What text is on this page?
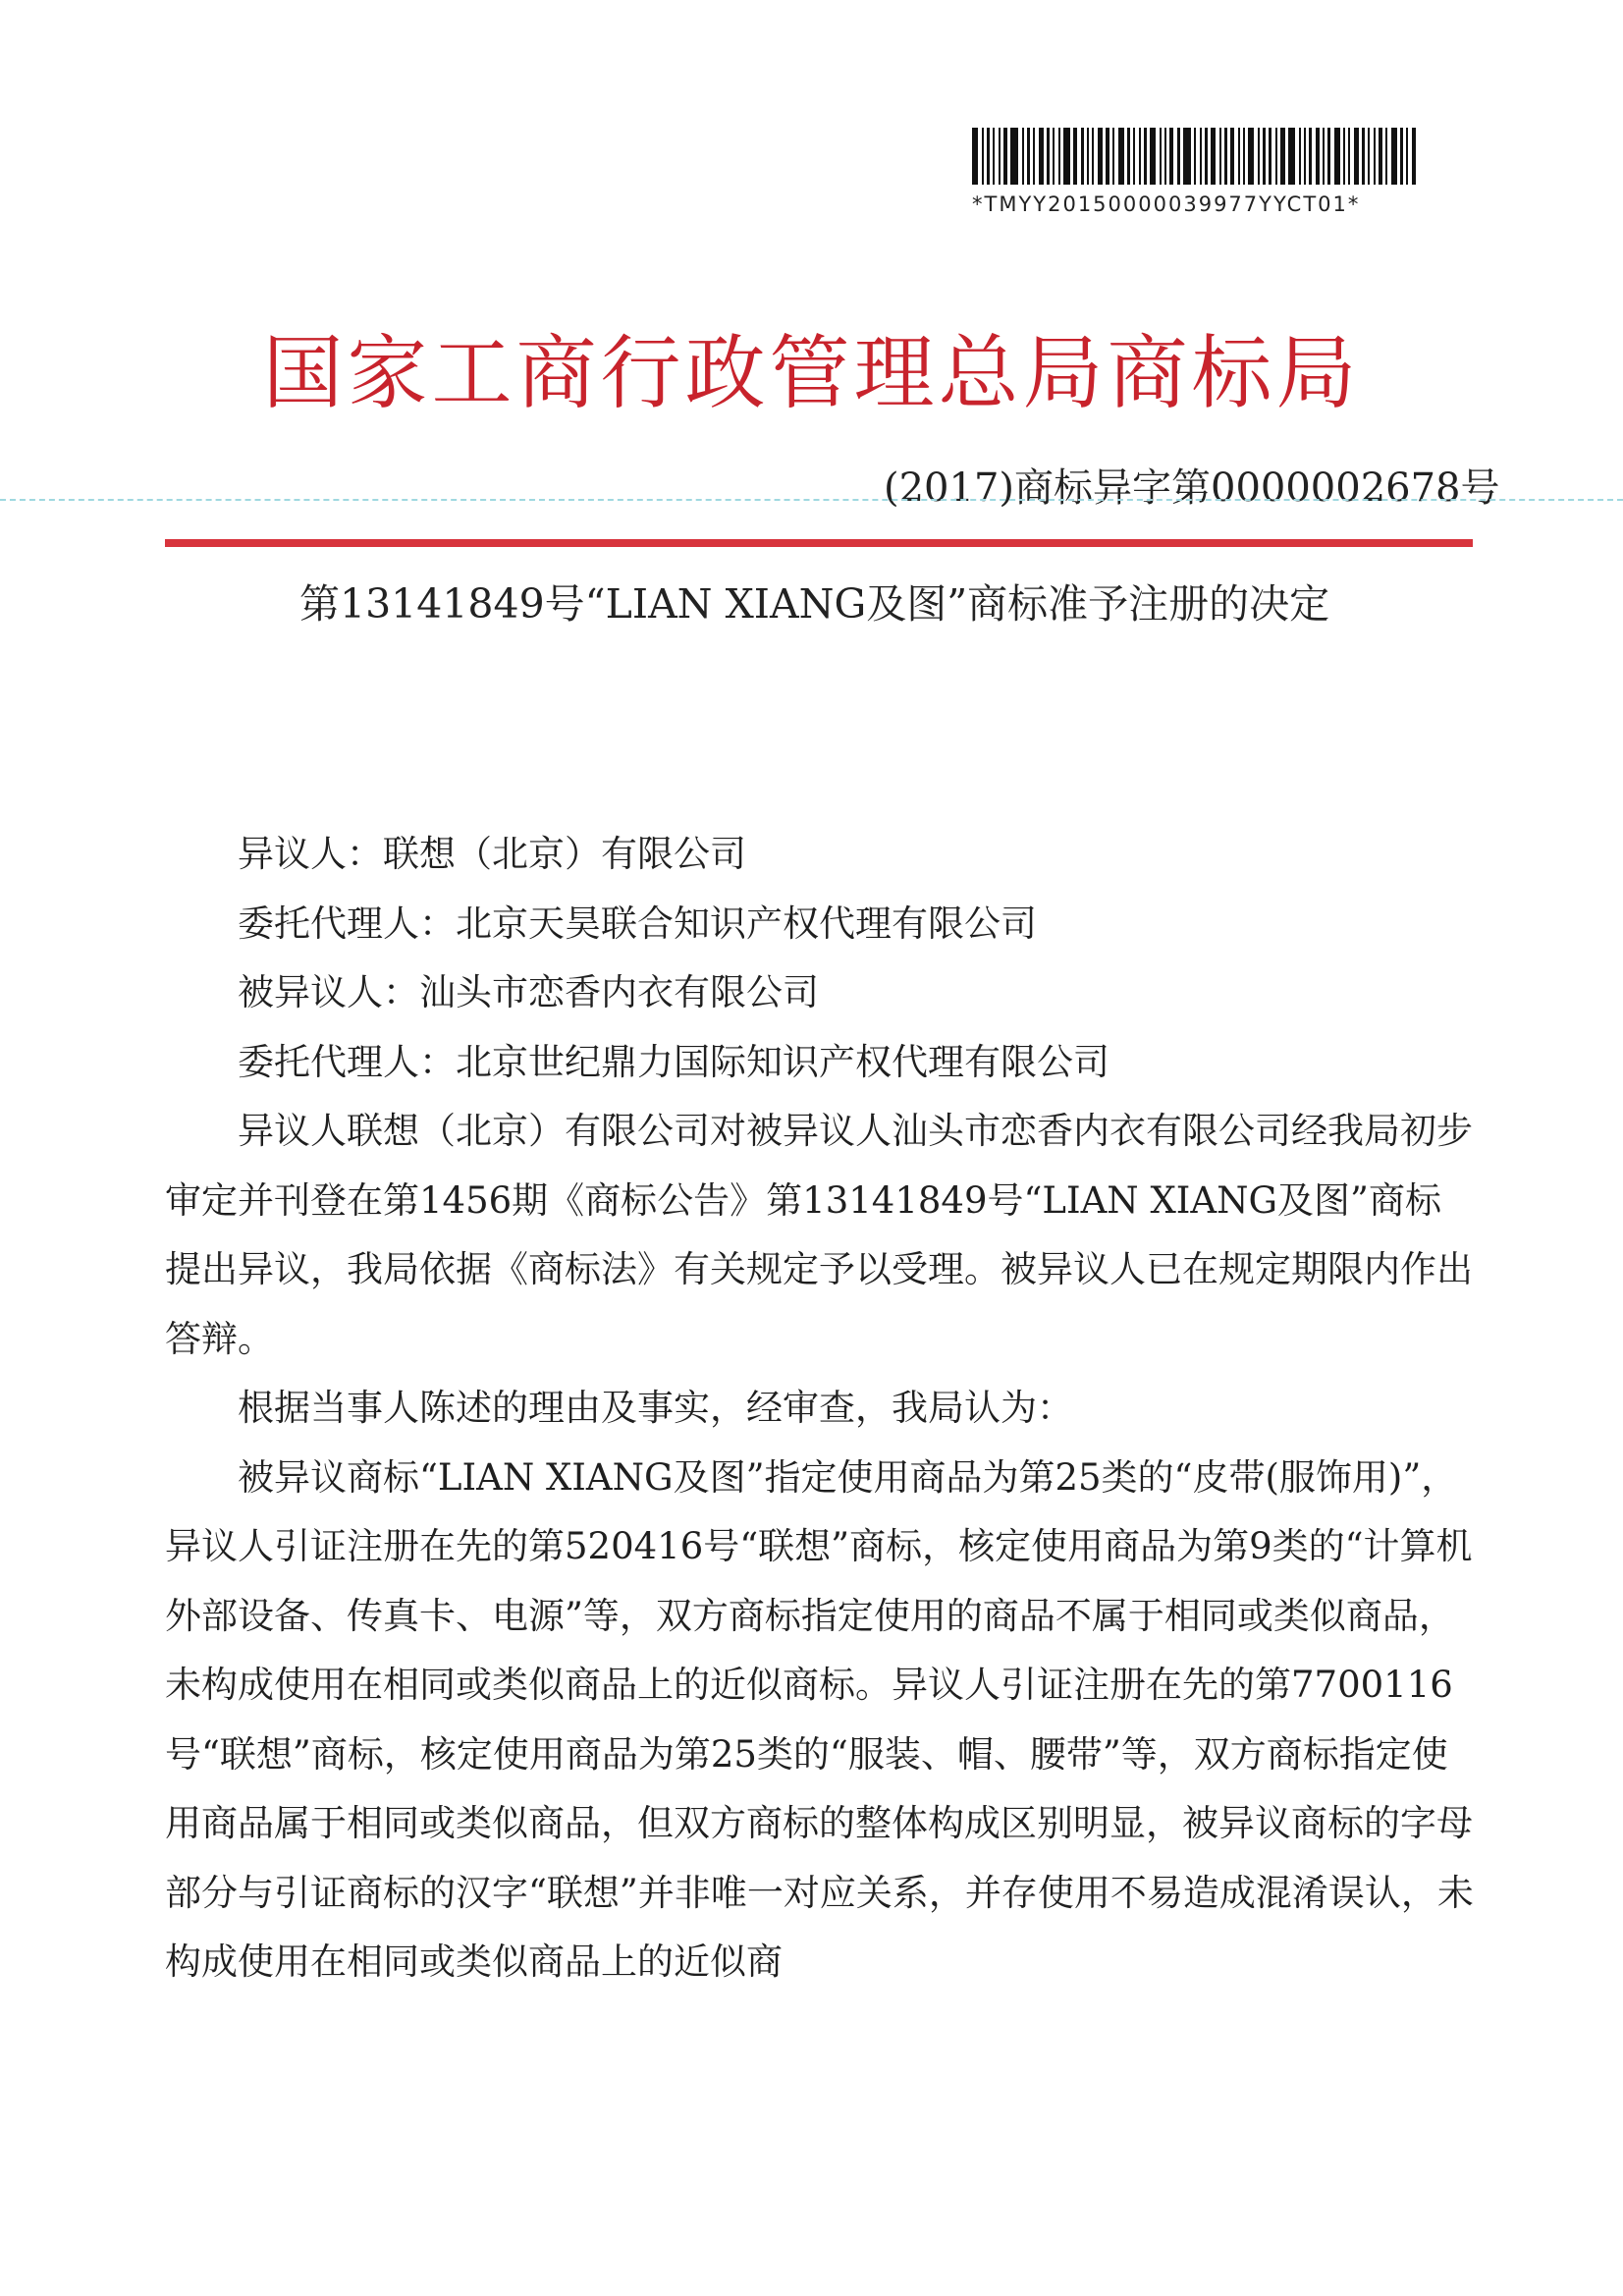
*TMYY20150000039977YYCT01*
国家工商行政管理总局商标局
(2017)商标异字第0000002678号
第13141849号“LIAN XIANG及图”商标准予注册的决定

异议人：联想（北京）有限公司

委托代理人：北京天昊联合知识产权代理有限公司

被异议人：汕头市恋香内衣有限公司

委托代理人：北京世纪鼎力国际知识产权代理有限公司

异议人联想（北京）有限公司对被异议人汕头市恋香内衣有限公司经我局初步审定并刊登在第1456期《商标公告》第13141849号“LIAN XIANG及图”商标提出异议，我局依据《商标法》有关规定予以受理。被异议人已在规定期限内作出答辩。

根据当事人陈述的理由及事实，经审查，我局认为：

被异议商标“LIAN XIANG及图”指定使用商品为第25类的“皮带(服饰用)”，异议人引证注册在先的第520416号“联想”商标，核定使用商品为第9类的“计算机外部设备、传真卡、电源”等，双方商标指定使用的商品不属于相同或类似商品，未构成使用在相同或类似商品上的近似商标。异议人引证注册在先的第7700116号“联想”商标，核定使用商品为第25类的“服装、帽、腰带”等，双方商标指定使用商品属于相同或类似商品，但双方商标的整体构成区别明显，被异议商标的字母部分与引证商标的汉字“联想”并非唯一对应关系，并存使用不易造成混淆误认，未构成使用在相同或类似商品上的近似商
